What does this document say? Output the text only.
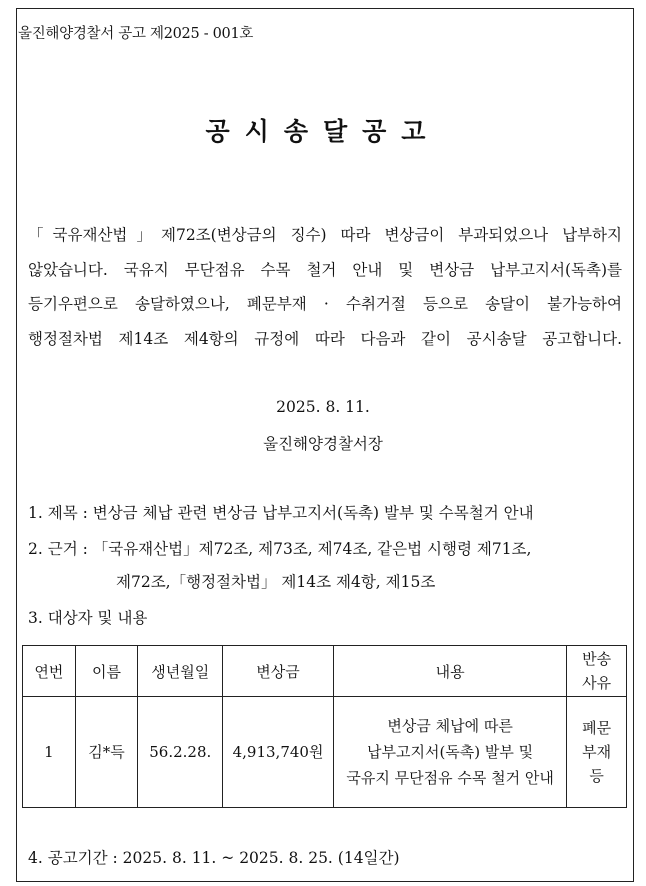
울진해양경찰서 공고 제2025 - 001호
공시송달공고
「국유재산법」제72조(변상금의 징수) 따라 변상금이 부과되었으나 납부하지
않았습니다. 국유지 무단점유 수목 철거 안내 및 변상금 납부고지서(독촉)를
등기우편으로 송달하였으나, 폐문부재 · 수취거절 등으로 송달이 불가능하여
행정절차법 제14조 제4항의 규정에 따라 다음과 같이 공시송달 공고합니다.
2025. 8. 11.
울진해양경찰서장
1. 제목 : 변상금 체납 관련 변상금 납부고지서(독촉) 발부 및 수목철거 안내
2. 근거 : 「국유재산법」제72조, 제73조, 제74조, 같은법 시행령 제71조,
제72조,「행정절차법」 제14조 제4항, 제15조
3. 대상자 및 내용
연번	이름	생년월일	변상금	내용	반송
사유

1	김*득	56.2.28.	4,913,740원	변상금 체납에 따른
납부고지서(독촉) 발부 및
국유지 무단점유 수목 철거 안내	폐문
부재
등
4. 공고기간 : 2025. 8. 11. ~ 2025. 8. 25. (14일간)
